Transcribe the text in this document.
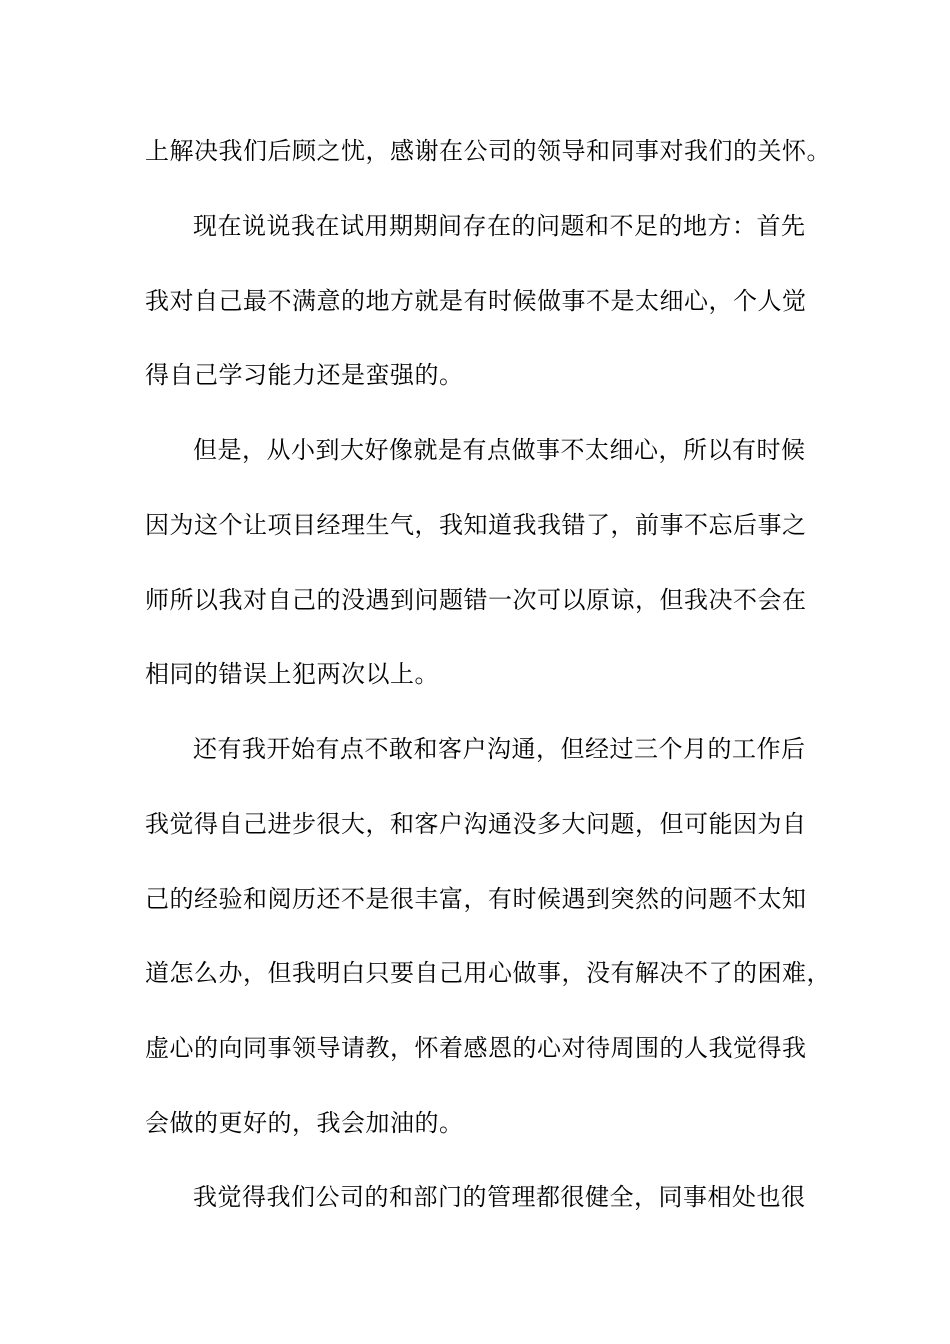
上解决我们后顾之忧，感谢在公司的领导和同事对我们的关怀。
现在说说我在试用期期间存在的问题和不足的地方：首先
我对自己最不满意的地方就是有时候做事不是太细心，个人觉
得自己学习能力还是蛮强的。
但是，从小到大好像就是有点做事不太细心，所以有时候
因为这个让项目经理生气，我知道我我错了，前事不忘后事之
师所以我对自己的没遇到问题错一次可以原谅，但我决不会在
相同的错误上犯两次以上。
还有我开始有点不敢和客户沟通，但经过三个月的工作后
我觉得自己进步很大，和客户沟通没多大问题，但可能因为自
己的经验和阅历还不是很丰富，有时候遇到突然的问题不太知
道怎么办，但我明白只要自己用心做事，没有解决不了的困难，
虚心的向同事领导请教，怀着感恩的心对待周围的人我觉得我
会做的更好的，我会加油的。
我觉得我们公司的和部门的管理都很健全，同事相处也很
